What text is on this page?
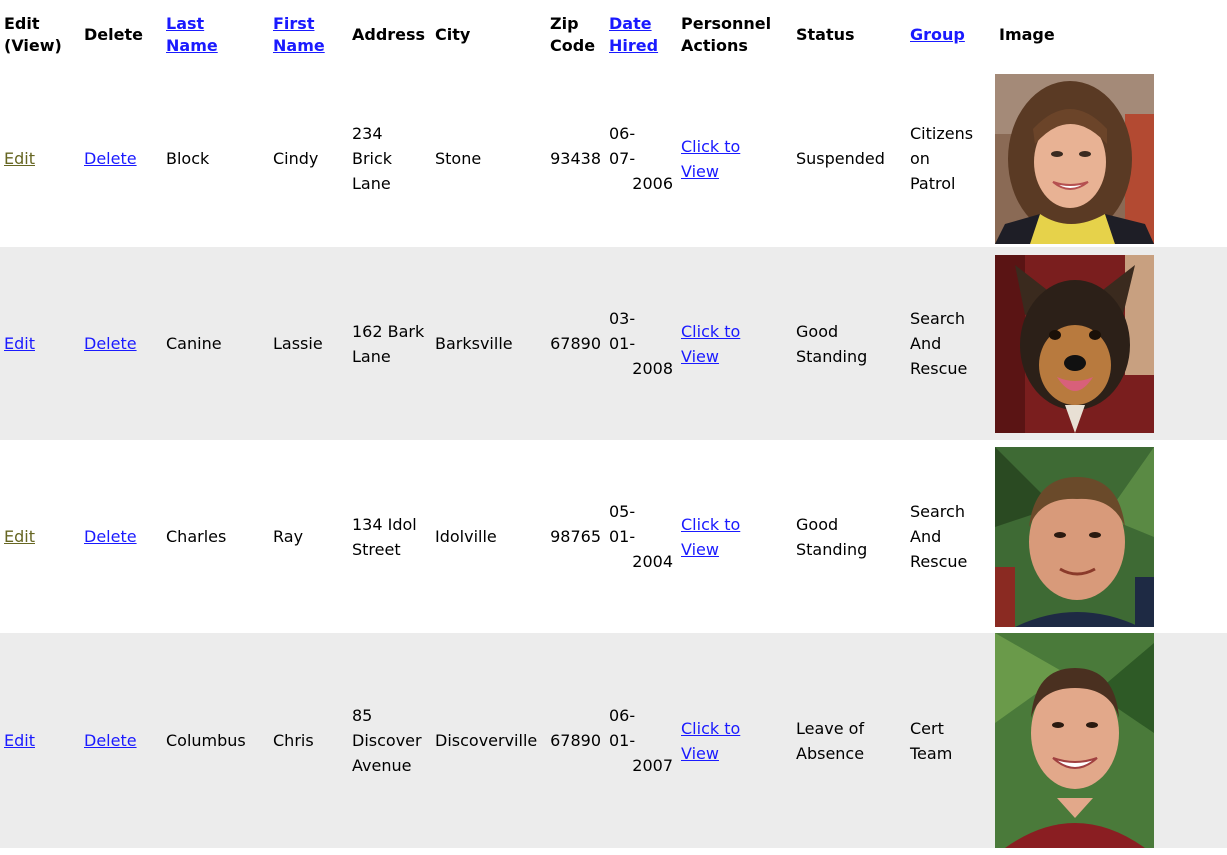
Edit
(View)	Delete	Last
Name	First
Name	Address	City	Zip
Code	Date
Hired	Personnel
Actions	Status	Group	Image
Edit	Delete	Block	Cindy	234
Brick
Lane	Stone	93438	06-
07-
2006	Click to
View	Suspended	Citizens
on
Patrol

Edit	Delete	Canine	Lassie	162 Bark
Lane	Barksville	67890	03-
01-
2008	Click to
View	Good
Standing	Search
And
Rescue

Edit	Delete	Charles	Ray	134 Idol
Street	Idolville	98765	05-
01-
2004	Click to
View	Good
Standing	Search
And
Rescue

Edit	Delete	Columbus	Chris	85
Discover
Avenue	Discoverville	67890	06-
01-
2007	Click to
View	Leave of
Absence	Cert
Team
